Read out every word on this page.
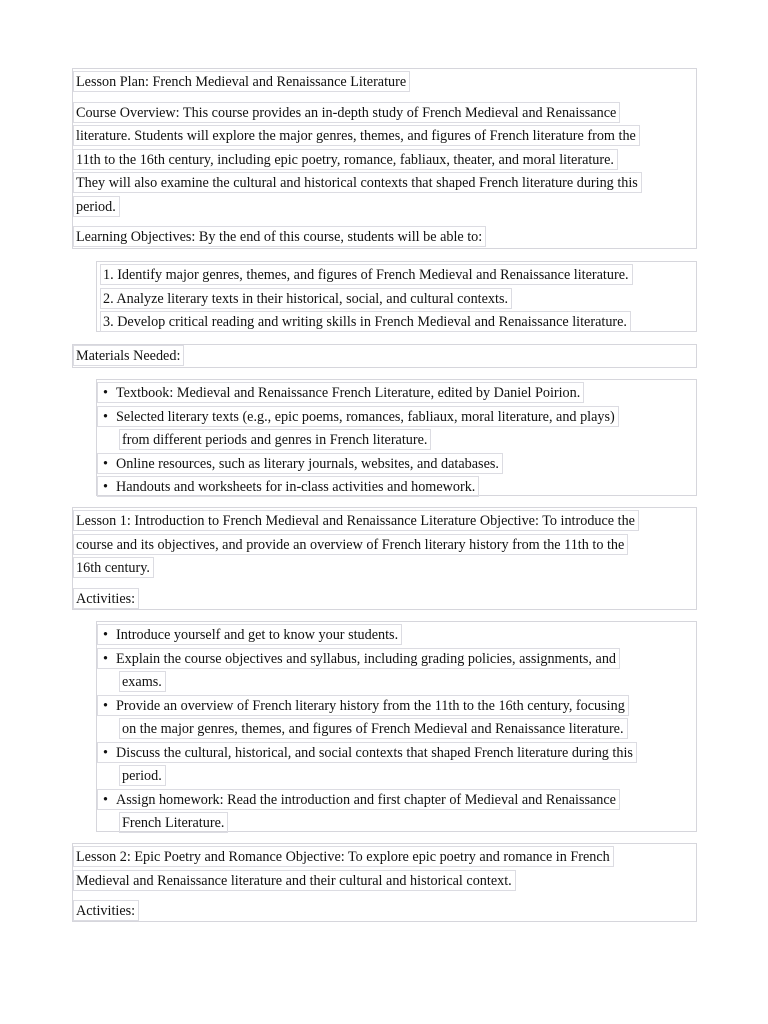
Lesson Plan: French Medieval and Renaissance Literature
Course Overview: This course provides an in-depth study of French Medieval and Renaissance
literature. Students will explore the major genres, themes, and figures of French literature from the
11th to the 16th century, including epic poetry, romance, fabliaux, theater, and moral literature.
They will also examine the cultural and historical contexts that shaped French literature during this
period.
Learning Objectives: By the end of this course, students will be able to:
1. Identify major genres, themes, and figures of French Medieval and Renaissance literature.
2. Analyze literary texts in their historical, social, and cultural contexts.
3. Develop critical reading and writing skills in French Medieval and Renaissance literature.
Materials Needed:
• Textbook: Medieval and Renaissance French Literature, edited by Daniel Poirion.
• Selected literary texts (e.g., epic poems, romances, fabliaux, moral literature, and plays)
from different periods and genres in French literature.
• Online resources, such as literary journals, websites, and databases.
• Handouts and worksheets for in-class activities and homework.
Lesson 1: Introduction to French Medieval and Renaissance Literature Objective: To introduce the
course and its objectives, and provide an overview of French literary history from the 11th to the
16th century.
Activities:
• Introduce yourself and get to know your students.
• Explain the course objectives and syllabus, including grading policies, assignments, and
exams.
• Provide an overview of French literary history from the 11th to the 16th century, focusing
on the major genres, themes, and figures of French Medieval and Renaissance literature.
• Discuss the cultural, historical, and social contexts that shaped French literature during this
period.
• Assign homework: Read the introduction and first chapter of Medieval and Renaissance
French Literature.
Lesson 2: Epic Poetry and Romance Objective: To explore epic poetry and romance in French
Medieval and Renaissance literature and their cultural and historical context.
Activities:
